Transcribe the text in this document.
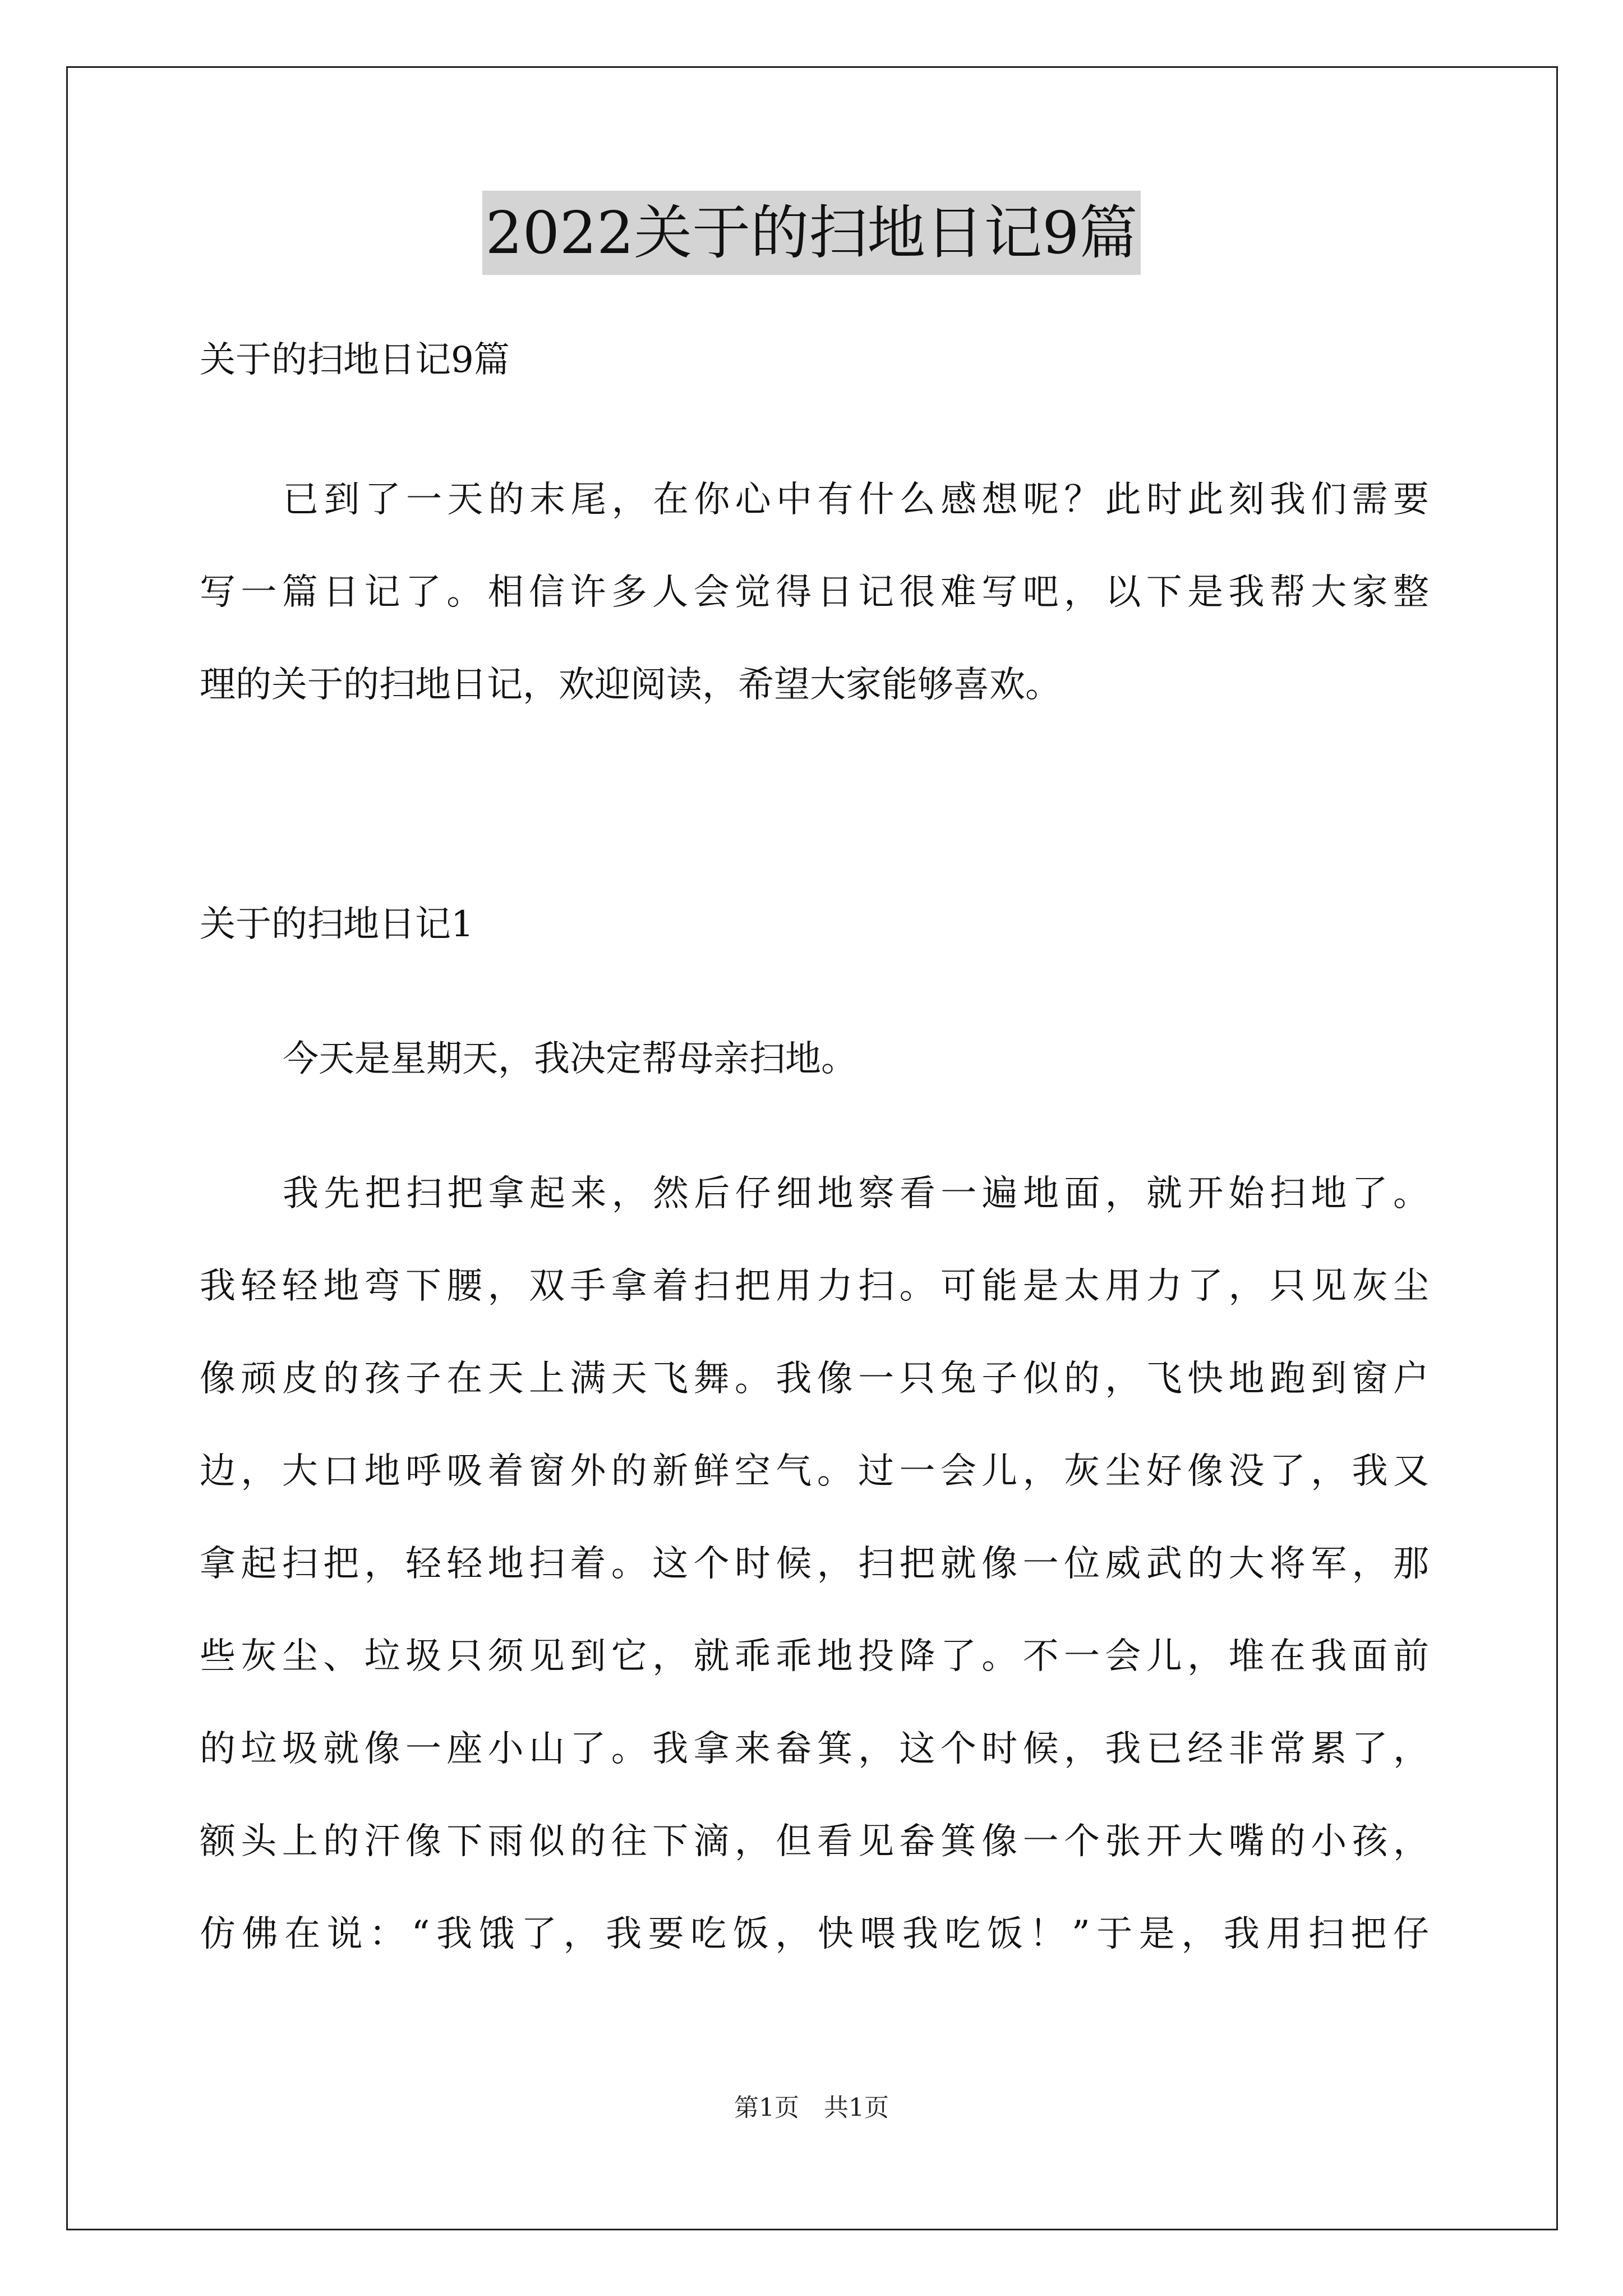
2022关于的扫地日记9篇
关于的扫地日记9篇
已到了一天的末尾，在你心中有什么感想呢？此时此刻我们需要
写一篇日记了。相信许多人会觉得日记很难写吧，以下是我帮大家整
理的关于的扫地日记，欢迎阅读，希望大家能够喜欢。
关于的扫地日记1
今天是星期天，我决定帮母亲扫地。
我先把扫把拿起来，然后仔细地察看一遍地面，就开始扫地了。
我轻轻地弯下腰，双手拿着扫把用力扫。可能是太用力了，只见灰尘
像顽皮的孩子在天上满天飞舞。我像一只兔子似的，飞快地跑到窗户
边，大口地呼吸着窗外的新鲜空气。过一会儿，灰尘好像没了，我又
拿起扫把，轻轻地扫着。这个时候，扫把就像一位威武的大将军，那
些灰尘、垃圾只须见到它，就乖乖地投降了。不一会儿，堆在我面前
的垃圾就像一座小山了。我拿来畚箕，这个时候，我已经非常累了，
额头上的汗像下雨似的往下滴，但看见畚箕像一个张开大嘴的小孩，
仿佛在说：“我饿了，我要吃饭，快喂我吃饭！”于是，我用扫把仔
第1页　共1页
